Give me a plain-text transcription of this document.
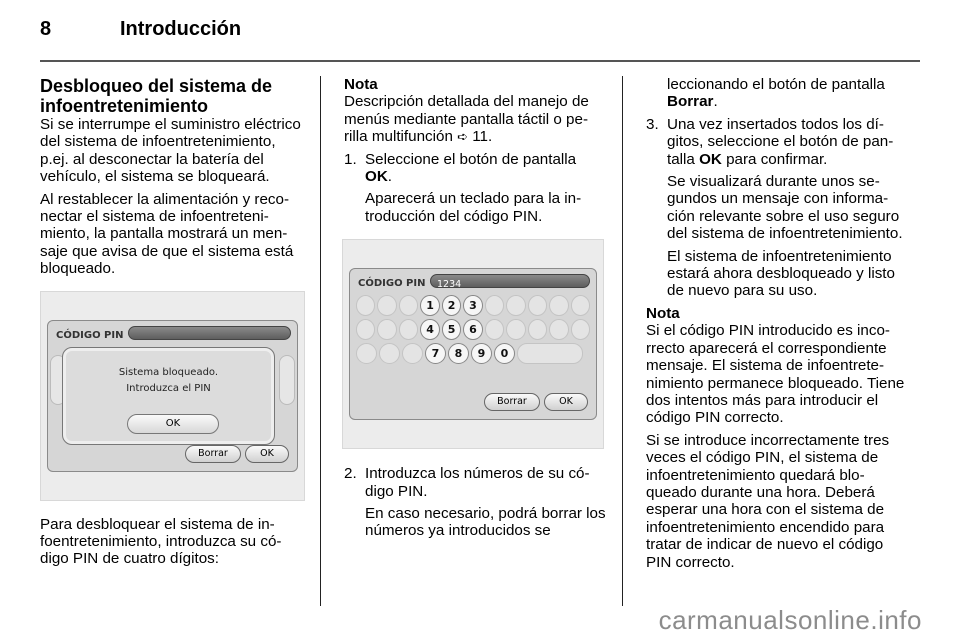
8	Introducción
Desbloqueo del sistema de infoentretenimiento

Si se interrumpe el suministro eléctrico del sistema de infoentretenimiento, p.ej. al desconectar la batería del vehículo, el sistema se bloqueará.

Al restablecer la alimentación y reconectar el sistema de infoentretenimiento, la pantalla mostrará un mensaje que avisa de que el sistema está bloqueado.

CÓDIGO PIN
Sistema bloqueado.
Introduzca el PIN
OK
Borrar	OK

Para desbloquear el sistema de infoentretenimiento, introduzca su código PIN de cuatro dígitos:

Nota

Descripción detallada del manejo de menús mediante pantalla táctil o perilla multifunción ➪ 11.

1. Seleccione el botón de pantalla OK.

Aparecerá un teclado para la introducción del código PIN.

CÓDIGO PIN 1234
1	2	3
4	5	6
7	8	9	0
Borrar	OK
2. Introduzca los números de su código PIN.

En caso necesario, podrá borrar los números ya introducidos se

leccionando el botón de pantalla Borrar.

3. Una vez insertados todos los dígitos, seleccione el botón de pantalla OK para confirmar.

Se visualizará durante unos segundos un mensaje con información relevante sobre el uso seguro del sistema de infoentretenimiento.

El sistema de infoentretenimiento estará ahora desbloqueado y listo de nuevo para su uso.

Nota

Si el código PIN introducido es incorrecto aparecerá el correspondiente mensaje. El sistema de infoentretenimiento permanece bloqueado. Tiene dos intentos más para introducir el código PIN correcto.

Si se introduce incorrectamente tres veces el código PIN, el sistema de infoentretenimiento quedará bloqueado durante una hora. Deberá esperar una hora con el sistema de infoentretenimiento encendido para tratar de indicar de nuevo el código PIN correcto.

carmanualsonline.info
